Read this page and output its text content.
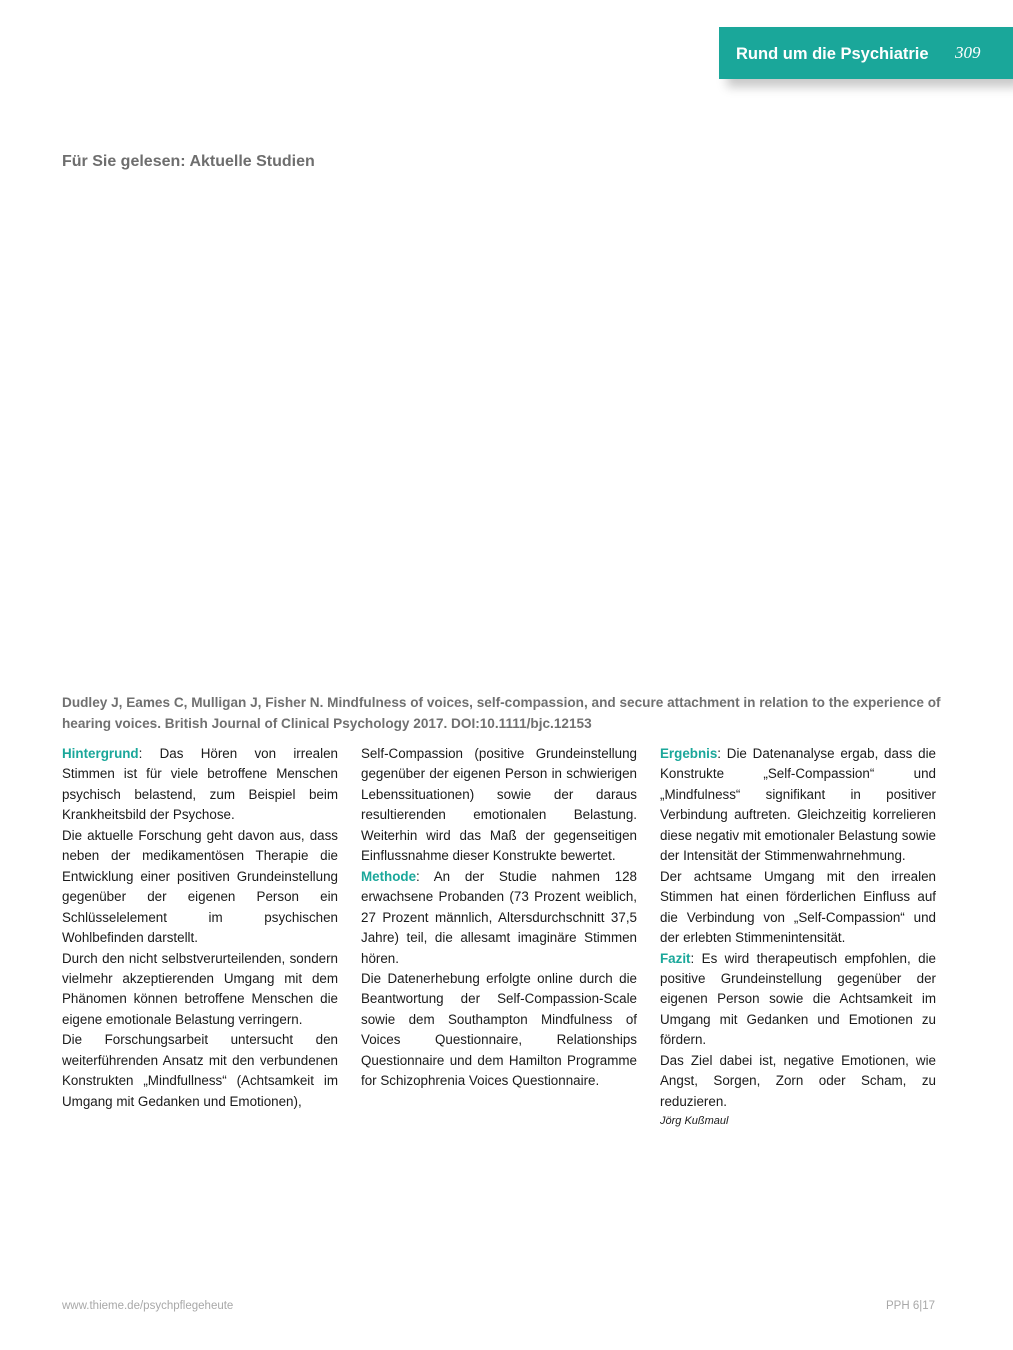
Rund um die Psychiatrie 309
Für Sie gelesen: Aktuelle Studien
Dudley J, Eames C, Mulligan J, Fisher N. Mindfulness of voices, self-compassion, and secure attachment in relation to the experience of hearing voices. British Journal of Clinical Psychology 2017. DOI:10.1111/bjc.12153

Hintergrund: Das Hören von irrealen Stimmen ist für viele betroffene Menschen psychisch belastend, zum Beispiel beim Krankheitsbild der Psychose.

Die aktuelle Forschung geht davon aus, dass neben der medikamentösen Therapie die Entwicklung einer positiven Grundeinstellung gegenüber der eigenen Person ein Schlüsselelement im psychischen Wohlbefinden darstellt.

Durch den nicht selbstverurteilenden, sondern vielmehr akzeptierenden Umgang mit dem Phänomen können betroffene Menschen die eigene emotionale Belastung verringern.

Die Forschungsarbeit untersucht den weiterführenden Ansatz mit den verbundenen Konstrukten „Mindfullness“ (Achtsamkeit im Umgang mit Gedanken und Emotionen),

Self-Compassion (positive Grundeinstellung gegenüber der eigenen Person in schwierigen Lebenssituationen) sowie der daraus resultierenden emotionalen Belastung. Weiterhin wird das Maß der gegenseitigen Einflussnahme dieser Konstrukte bewertet.

Methode: An der Studie nahmen 128 erwachsene Probanden (73 Prozent weiblich, 27 Prozent männlich, Altersdurchschnitt 37,5 Jahre) teil, die allesamt imaginäre Stimmen hören.

Die Datenerhebung erfolgte online durch die Beantwortung der Self-Compassion-Scale sowie dem Southampton Mindfulness of Voices Questionnaire, Relationships Questionnaire und dem Hamilton Programme for Schizophrenia Voices Questionnaire.

Ergebnis: Die Datenanalyse ergab, dass die Konstrukte „Self-Compassion“ und „Mindfulness“ signifikant in positiver Verbindung auftreten. Gleichzeitig korrelieren diese negativ mit emotionaler Belastung sowie der Intensität der Stimmenwahrnehmung.

Der achtsame Umgang mit den irrealen Stimmen hat einen förderlichen Einfluss auf die Verbindung von „Self-Compassion“ und der erlebten Stimmenintensität.

Fazit: Es wird therapeutisch empfohlen, die positive Grundeinstellung gegenüber der eigenen Person sowie die Achtsamkeit im Umgang mit Gedanken und Emotionen zu fördern.

Das Ziel dabei ist, negative Emotionen, wie Angst, Sorgen, Zorn oder Scham, zu reduzieren.

Jörg Kußmaul

www.thieme.de/psychpflegeheute	PPH 6|17
